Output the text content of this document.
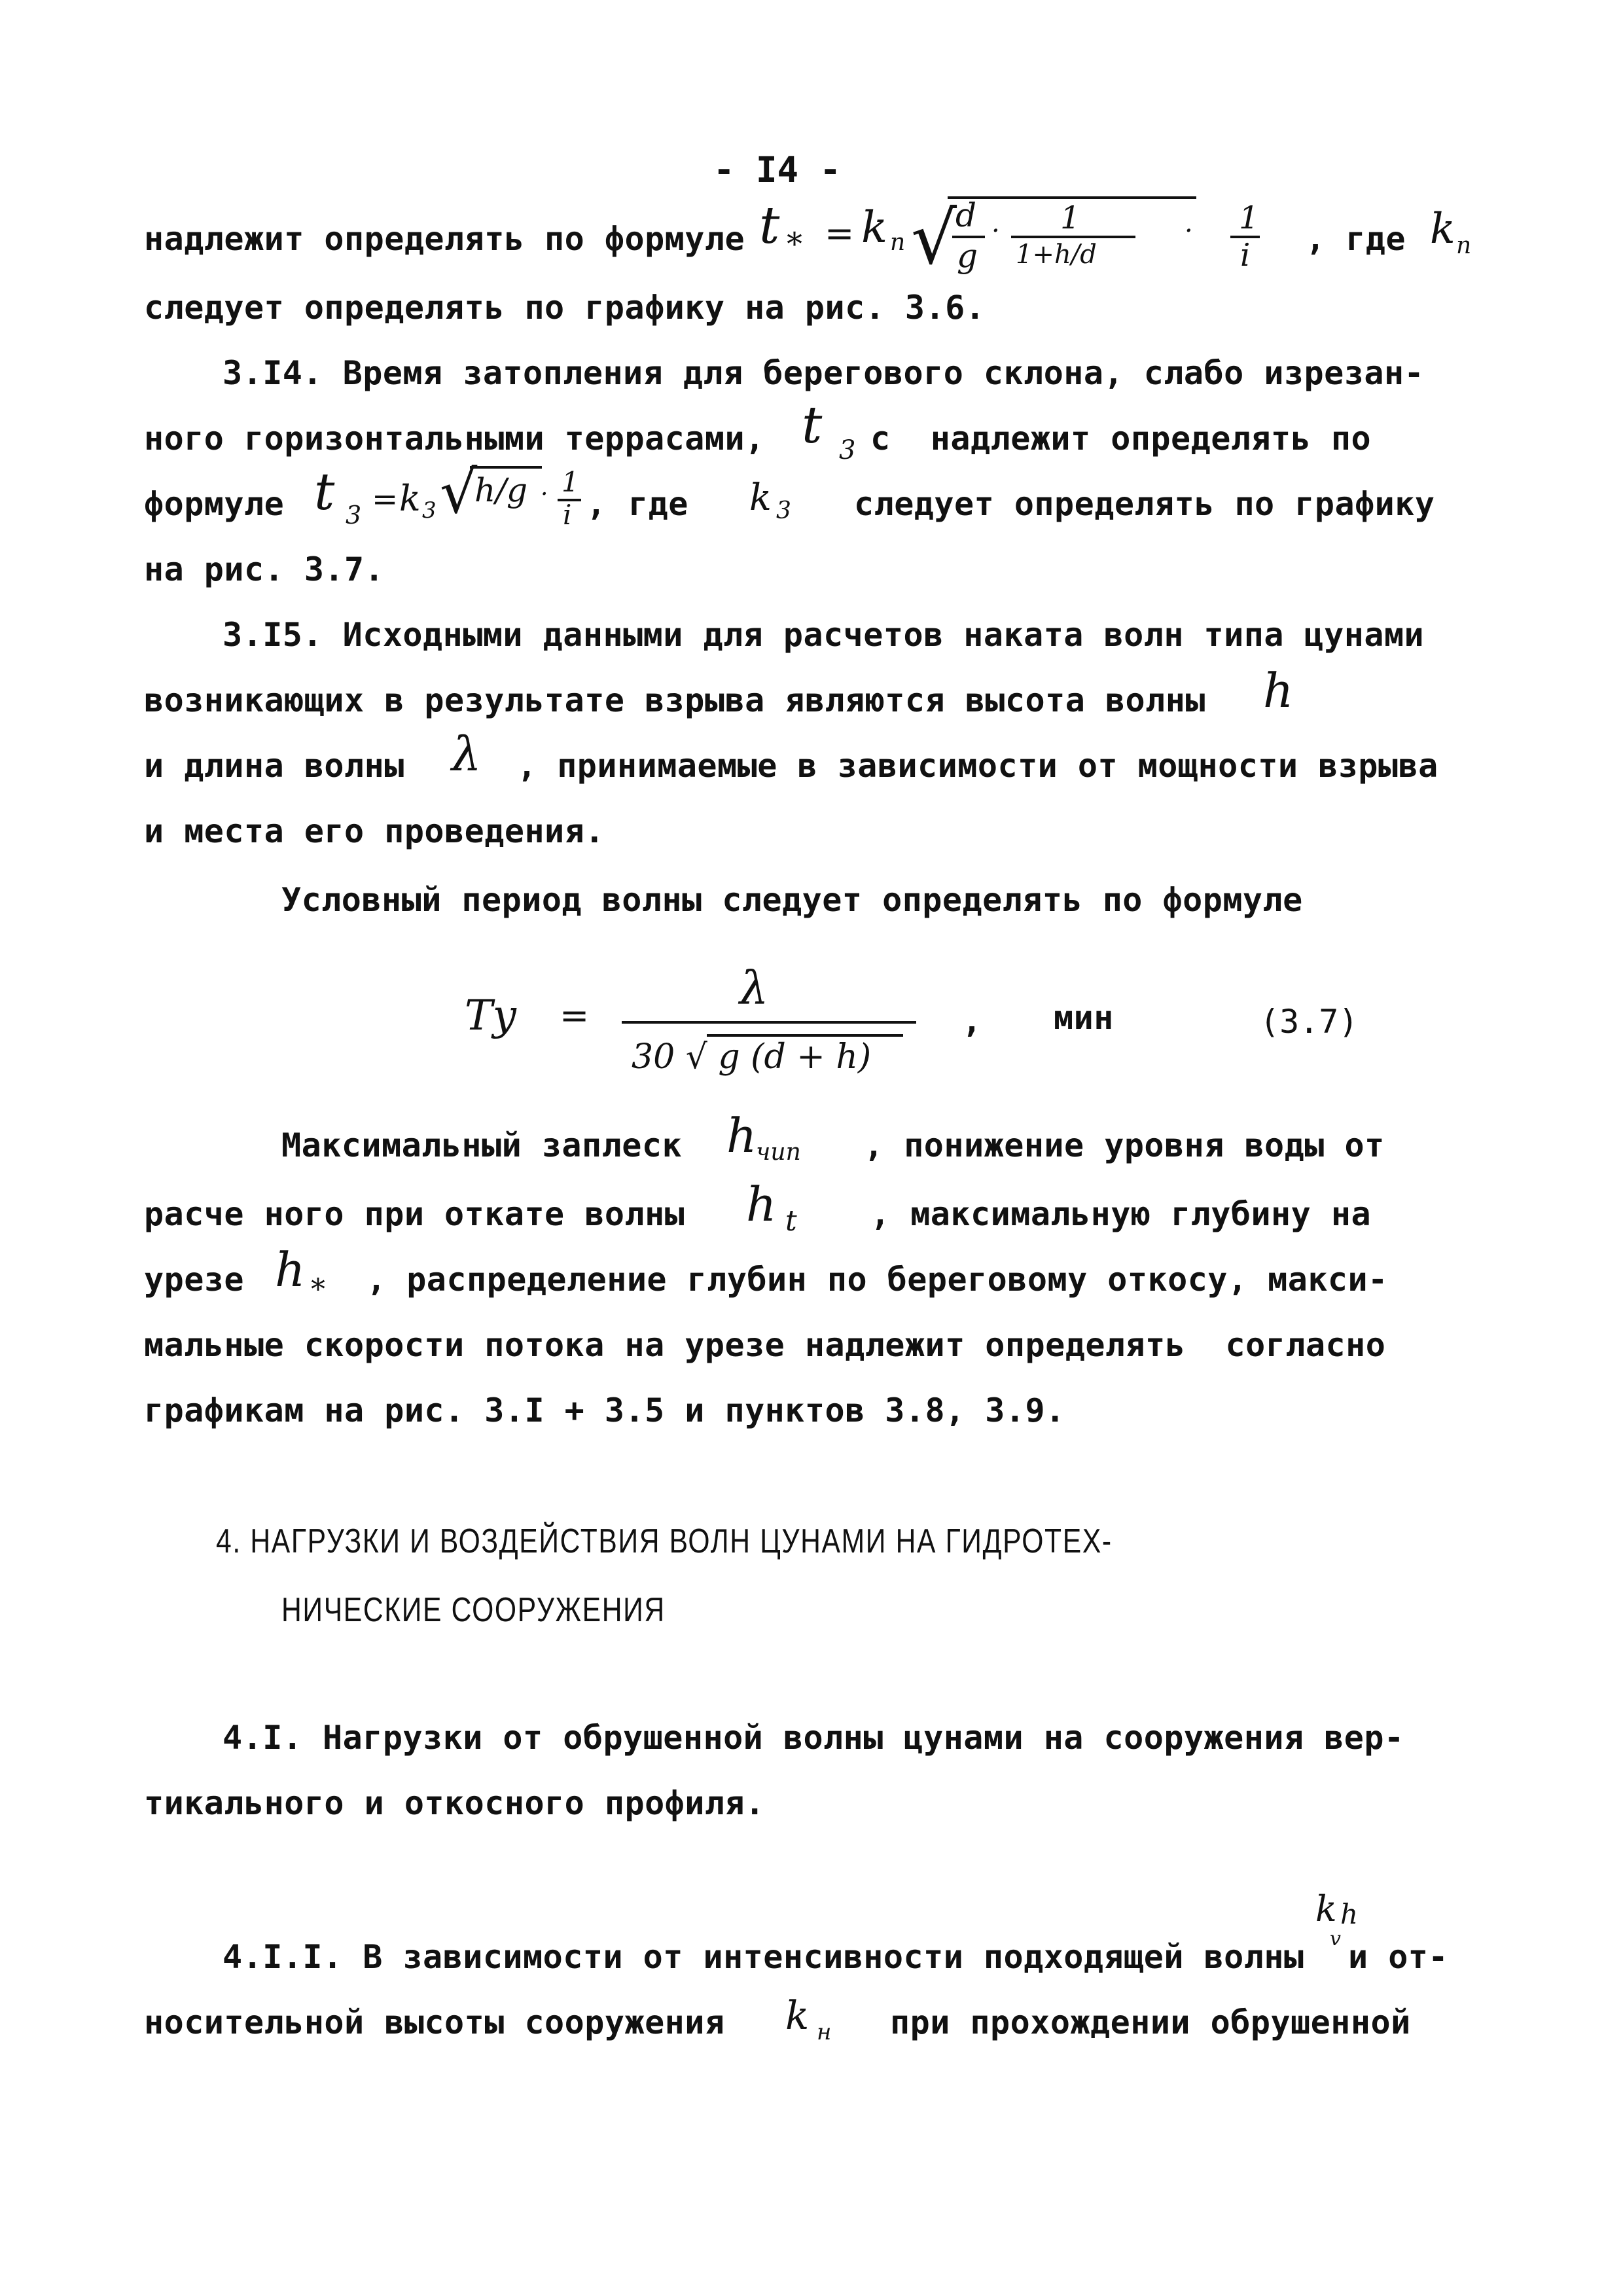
- I4 -
надлежит определять по формуле t * = k п √
d
g
· 1
1+h/d
· 1
i , где k п
следует определять по графику на рис. 3.6.
3.I4. Время затопления для берегового склона, слабо изрезан-
ного горизонтальными террасами, t 3 с  надлежит определять по
формуле t 3 = k 3 √
h/g · 1
i , где k 3 следует определять по графику
на рис. 3.7.
3.I5. Исходными данными для расчетов наката волн типа цунами
возникающих в результате взрыва являются высота волны h
и длина волны λ , принимаемые в зависимости от мощности взрыва
и места его проведения.
Условный период волны следует определять по формуле
Ty =
λ
30 √ g (d + h)
, мин	(3.7)
Максимальный заплеск h
чип , понижение уровня воды от
расче ного при откате волны h t , максимальную глубину на
урезе h * , распределение глубин по береговому откосу, макси-
мальные скорости потока на урезе надлежит определять  согласно
графикам на рис. 3.I + 3.5 и пунктов 3.8, 3.9.
4. НАГРУЗКИ И ВОЗДЕЙСТВИЯ ВОЛН ЦУНАМИ НА ГИДРОТЕХ-
НИЧЕСКИЕ СООРУЖЕНИЯ
4.I. Нагрузки от обрушенной волны цунами на сооружения вер-
тикального и откосного профиля.
k h
4.I.I. В зависимости от интенсивности подходящей волны v и от-
носительной высоты сооружения k н при прохождении обрушенной
